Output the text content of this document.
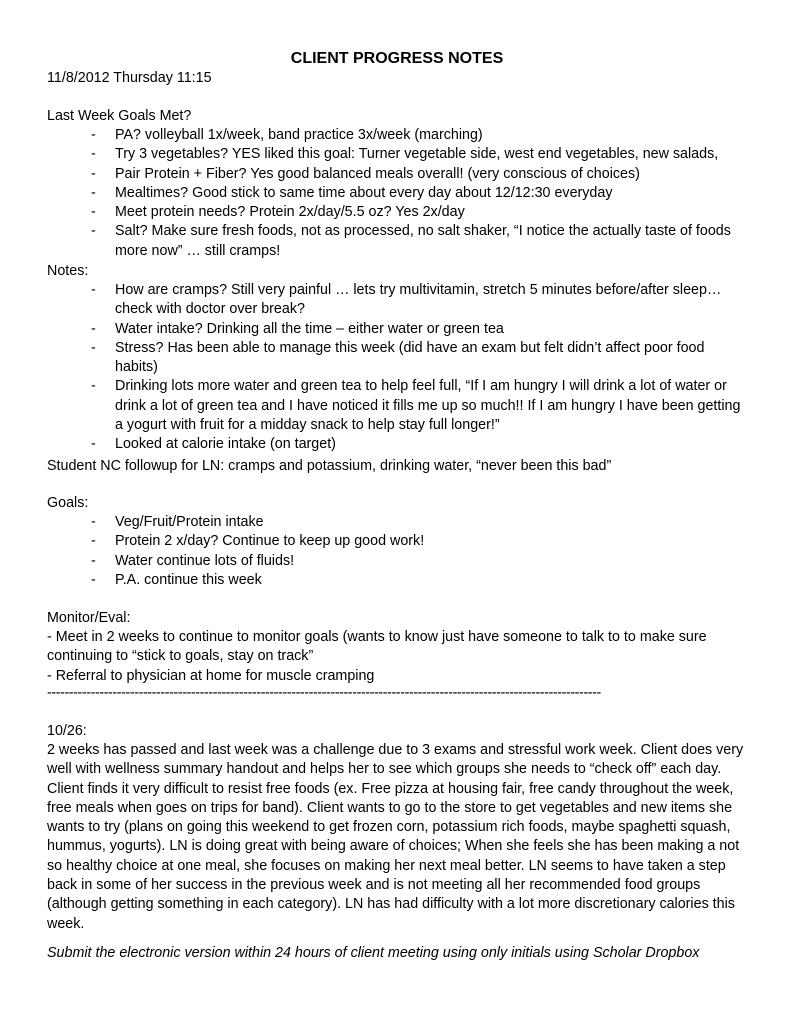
CLIENT PROGRESS NOTES
11/8/2012 Thursday 11:15
Last Week Goals Met?
- PA? volleyball 1x/week, band practice 3x/week (marching)
- Try 3 vegetables? YES liked this goal: Turner vegetable side, west end vegetables, new salads,
- Pair Protein + Fiber? Yes good balanced meals overall! (very conscious of choices)
- Mealtimes? Good stick to same time about every day about 12/12:30 everyday
- Meet protein needs? Protein 2x/day/5.5 oz? Yes 2x/day
- Salt? Make sure fresh foods, not as processed, no salt shaker, “I notice the actually taste of foods more now” … still cramps!
Notes:
- How are cramps? Still very painful … lets try multivitamin, stretch 5 minutes before/after sleep… check with doctor over break?
- Water intake? Drinking all the time – either water or green tea
- Stress? Has been able to manage this week (did have an exam but felt didn’t affect poor food habits)
- Drinking lots more water and green tea to help feel full, “If I am hungry I will drink a lot of water or drink a lot of green tea and I have noticed it fills me up so much!! If I am hungry I have been getting a yogurt with fruit for a midday snack to help stay full longer!”
- Looked at calorie intake (on target)
Student NC followup for LN: cramps and potassium, drinking water, “never been this bad”
Goals:
- Veg/Fruit/Protein intake
- Protein 2 x/day? Continue to keep up good work!
- Water continue lots of fluids!
- P.A. continue this week
Monitor/Eval:
- Meet in 2 weeks to continue to monitor goals (wants to know just have someone to talk to to make sure continuing to “stick to goals, stay on track”
- Referral to physician at home for muscle cramping
-------------------------------------------------------------------------------------------------------------------------------
10/26:
2 weeks has passed and last week was a challenge due to 3 exams and stressful work week. Client does very well with wellness summary handout and helps her to see which groups she needs to “check off” each day. Client finds it very difficult to resist free foods (ex. Free pizza at housing fair, free candy throughout the week, free meals when goes on trips for band). Client wants to go to the store to get vegetables and new items she wants to try (plans on going this weekend to get frozen corn, potassium rich foods, maybe spaghetti squash, hummus, yogurts). LN is doing great with being aware of choices; When she feels she has been making a not so healthy choice at one meal, she focuses on making her next meal better. LN seems to have taken a step back in some of her success in the previous week and is not meeting all her recommended food groups (although getting something in each category). LN has had difficulty with a lot more discretionary calories this week.
Submit the electronic version within 24 hours of client meeting using only initials using Scholar Dropbox
